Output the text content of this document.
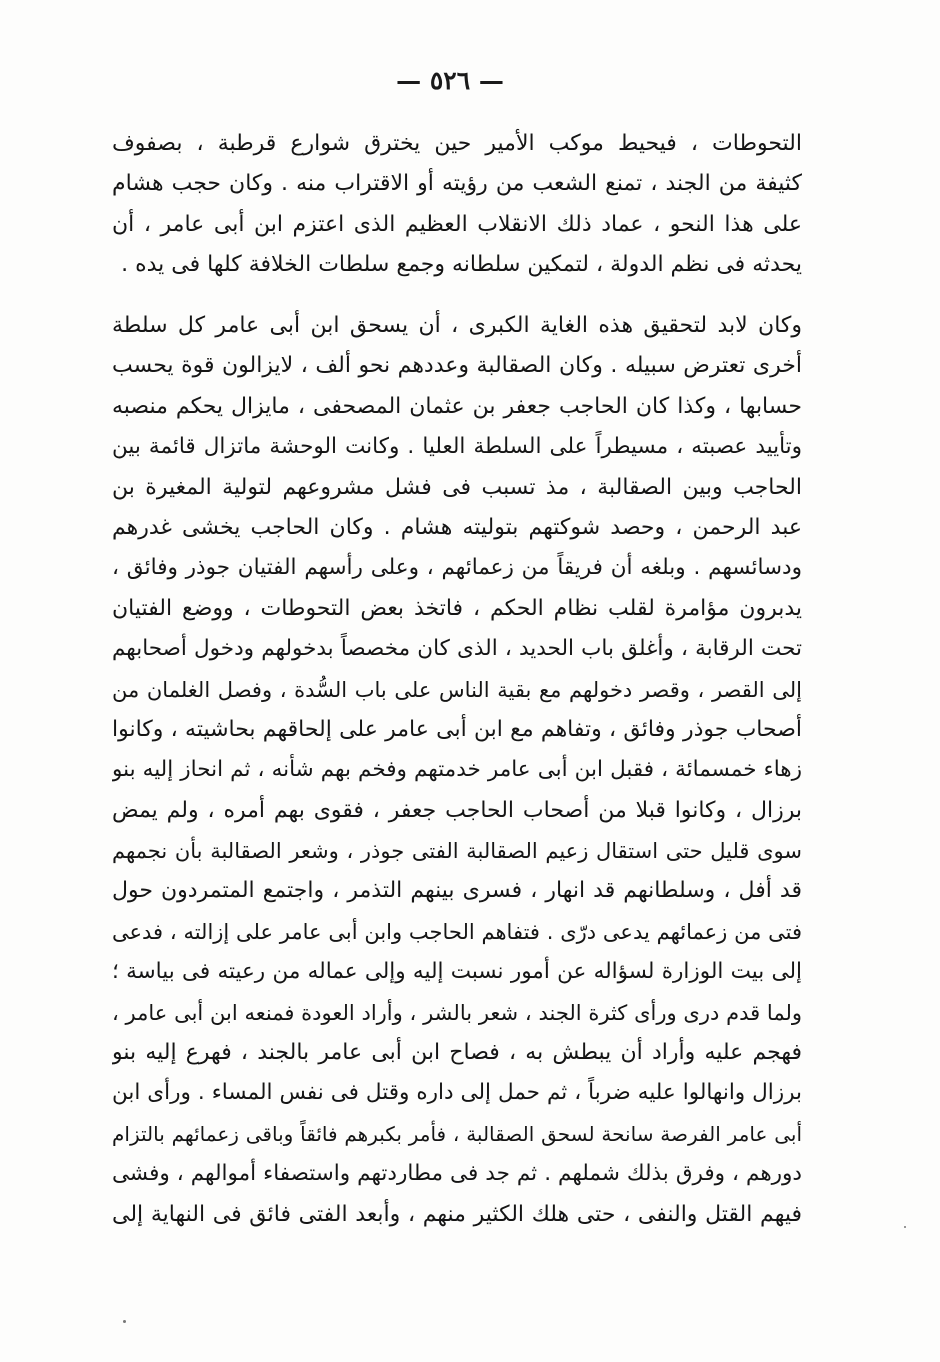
— ٥٢٦ —
التحوطات ، فيحيط موكب الأمير حين يخترق شوارع قرطبة ، بصفوف
كثيفة من الجند ، تمنع الشعب من رؤيته أو الاقتراب منه . وكان حجب هشام
على هذا النحو ، عماد ذلك الانقلاب العظيم الذى اعتزم ابن أبى عامر ، أن
يحدثه فى نظم الدولة ، لتمكين سلطانه وجمع سلطات الخلافة كلها فى يده .
وكان لابد لتحقيق هذه الغاية الكبرى ، أن يسحق ابن أبى عامر كل سلطة
أخرى تعترض سبيله . وكان الصقالبة وعددهم نحو ألف ، لايزالون قوة يحسب
حسابها ، وكذا كان الحاجب جعفر بن عثمان المصحفى ، مايزال يحكم منصبه
وتأييد عصبته ، مسيطراً على السلطة العليا . وكانت الوحشة ماتزال قائمة بين
الحاجب وبين الصقالبة ، مذ تسبب فى فشل مشروعهم لتولية المغيرة بن
عبد الرحمن ، وحصد شوكتهم بتوليته هشام . وكان الحاجب يخشى غدرهم
ودسائسهم . وبلغه أن فريقاً من زعمائهم ، وعلى رأسهم الفتيان جوذر وفائق ،
يدبرون مؤامرة لقلب نظام الحكم ، فاتخذ بعض التحوطات ، ووضع الفتيان
تحت الرقابة ، وأغلق باب الحديد ، الذى كان مخصصاً بدخولهم ودخول أصحابهم
إلى القصر ، وقصر دخولهم مع بقية الناس على باب السُّدة ، وفصل الغلمان من
أصحاب جوذر وفائق ، وتفاهم مع ابن أبى عامر على إلحاقهم بحاشيته ، وكانوا
زهاء خمسمائة ، فقبل ابن أبى عامر خدمتهم وفخم بهم شأنه ، ثم انحاز إليه بنو
برزال ، وكانوا قبلا من أصحاب الحاجب جعفر ، فقوى بهم أمره ، ولم يمض
سوى قليل حتى استقال زعيم الصقالبة الفتى جوذر ، وشعر الصقالبة بأن نجمهم
قد أفل ، وسلطانهم قد انهار ، فسرى بينهم التذمر ، واجتمع المتمردون حول
فتى من زعمائهم يدعى درّى . فتفاهم الحاجب وابن أبى عامر على إزالته ، فدعى
إلى بيت الوزارة لسؤاله عن أمور نسبت إليه وإلى عماله من رعيته فى بياسة ؛
ولما قدم درى ورأى كثرة الجند ، شعر بالشر ، وأراد العودة فمنعه ابن أبى عامر ،
فهجم عليه وأراد أن يبطش به ، فصاح ابن أبى عامر بالجند ، فهرع إليه بنو
برزال وانهالوا عليه ضرباً ، ثم حمل إلى داره وقتل فى نفس المساء . ورأى ابن
أبى عامر الفرصة سانحة لسحق الصقالبة ، فأمر بكبرهم فائقاً وباقى زعمائهم بالتزام
دورهم ، وفرق بذلك شملهم . ثم جد فى مطاردتهم واستصفاء أموالهم ، وفشى
فيهم القتل والنفى ، حتى هلك الكثير منهم ، وأبعد الفتى فائق فى النهاية إلى
